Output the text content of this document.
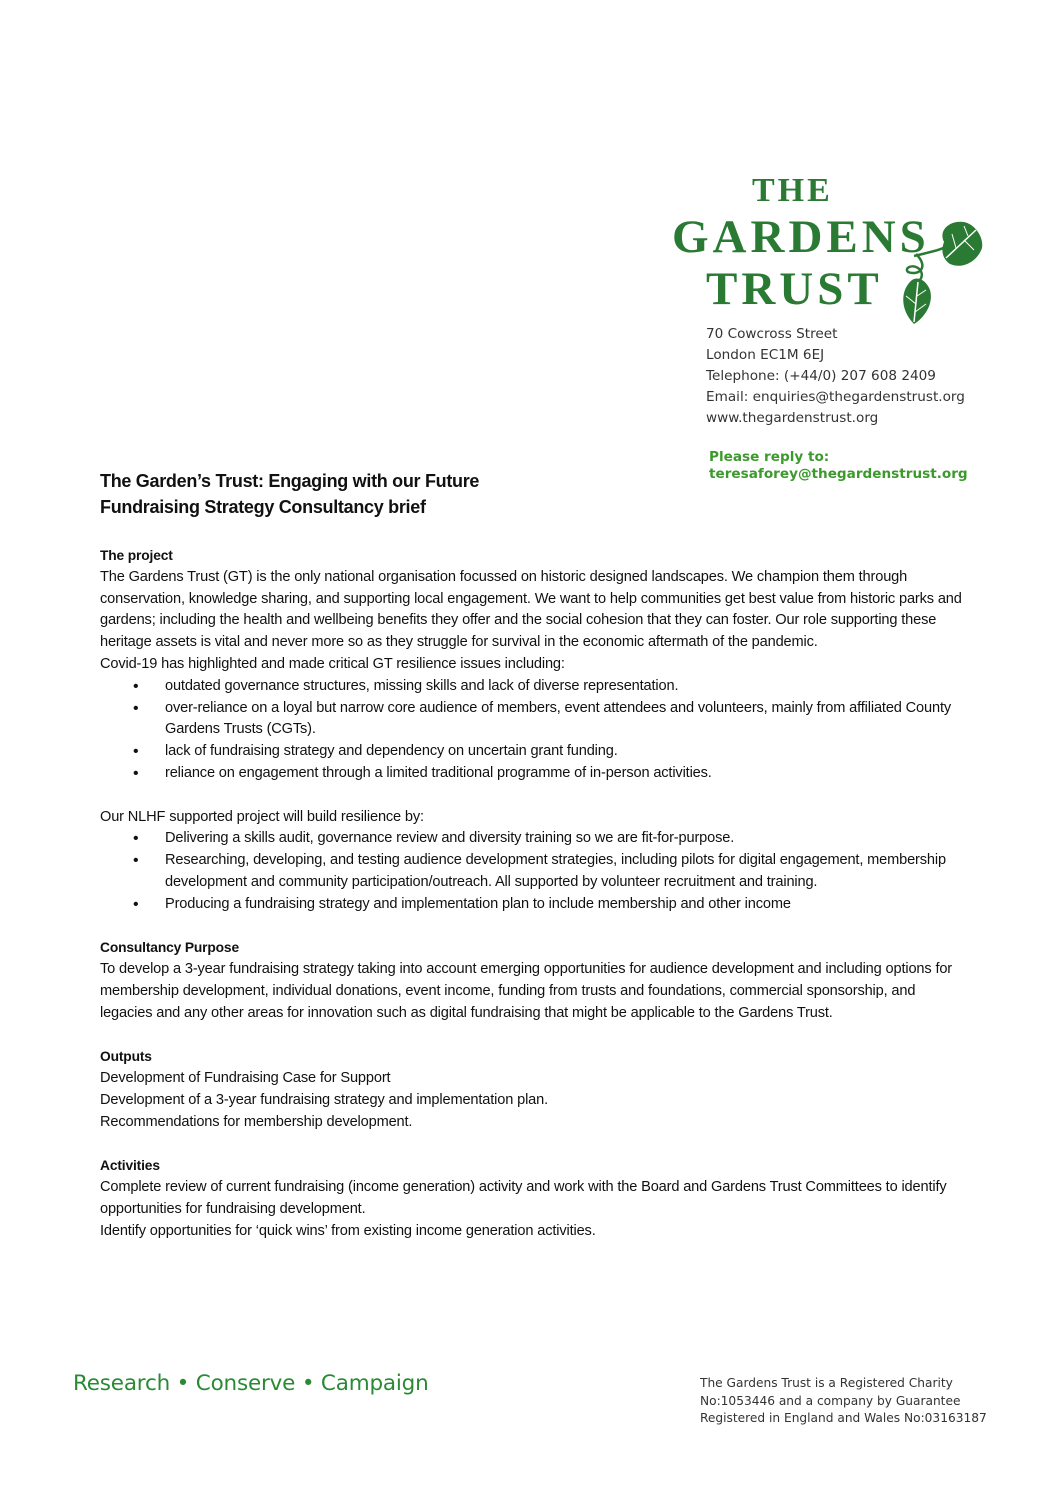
THE
GARDENS
TRUST
70 Cowcross Street
London EC1M 6EJ
Telephone: (+44/0) 207 608 2409
Email: enquiries@thegardenstrust.org
www.thegardenstrust.org
Please reply to:
teresaforey@thegardenstrust.org
The Garden’s Trust: Engaging with our Future
Fundraising Strategy Consultancy brief
The project

The Gardens Trust (GT) is the only national organisation focussed on historic designed landscapes. We champion them through conservation, knowledge sharing, and supporting local engagement. We want to help communities get best value from historic parks and gardens; including the health and wellbeing benefits they offer and the social cohesion that they can foster. Our role supporting these heritage assets is vital and never more so as they struggle for survival in the economic aftermath of the pandemic.

Covid-19 has highlighted and made critical GT resilience issues including:

• outdated governance structures, missing skills and lack of diverse representation.
• over-reliance on a loyal but narrow core audience of members, event attendees and volunteers, mainly from affiliated County Gardens Trusts (CGTs).
• lack of fundraising strategy and dependency on uncertain grant funding.
• reliance on engagement through a limited traditional programme of in-person activities.

Our NLHF supported project will build resilience by:

• Delivering a skills audit, governance review and diversity training so we are fit-for-purpose.
• Researching, developing, and testing audience development strategies, including pilots for digital engagement, membership development and community participation/outreach. All supported by volunteer recruitment and training.
• Producing a fundraising strategy and implementation plan to include membership and other income
Consultancy Purpose

To develop a 3-year fundraising strategy taking into account emerging opportunities for audience development and including options for membership development, individual donations, event income, funding from trusts and foundations, commercial sponsorship, and legacies and any other areas for innovation such as digital fundraising that might be applicable to the Gardens Trust.

Outputs

Development of Fundraising Case for Support

Development of a 3-year fundraising strategy and implementation plan.

Recommendations for membership development.

Activities

Complete review of current fundraising (income generation) activity and work with the Board and Gardens Trust Committees to identify opportunities for fundraising development.

Identify opportunities for ‘quick wins’ from existing income generation activities.

Research • Conserve • Campaign	The Gardens Trust is a Registered Charity
No:1053446 and a company by Guarantee
Registered in England and Wales No:03163187
